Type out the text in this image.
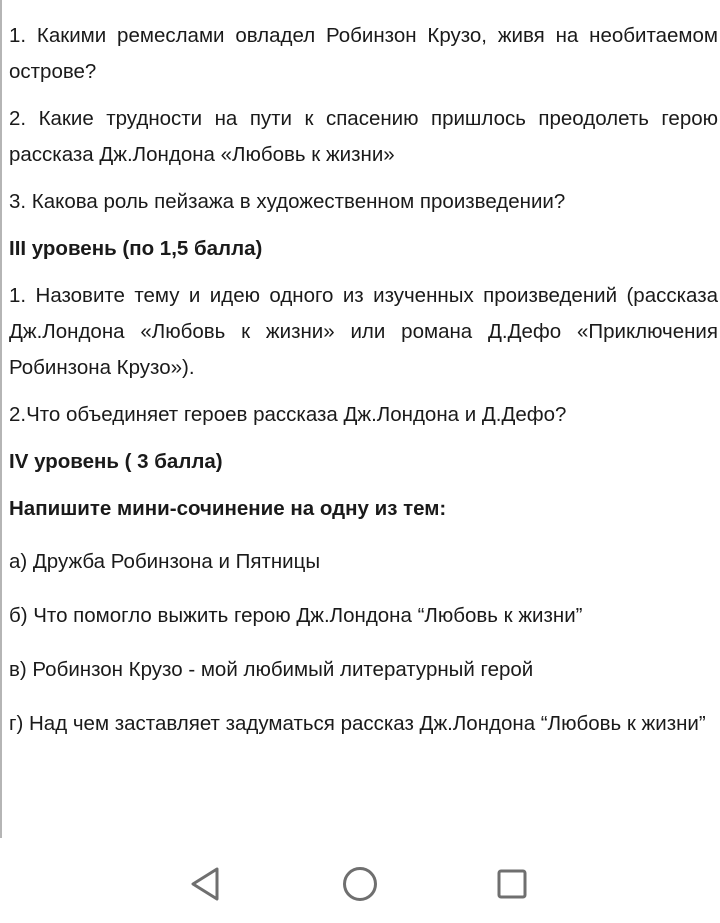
1. Какими ремеслами овладел Робинзон Крузо, живя на необитаемом острове?

2. Какие трудности на пути к спасению пришлось преодолеть герою рассказа Дж.Лондона «Любовь к жизни»

3. Какова роль пейзажа в художественном произведении?

III уровень (по 1,5 балла)

1. Назовите тему и идею одного из изученных произведений (рассказа Дж.Лондона «Любовь к жизни» или романа Д.Дефо «Приключения Робинзона Крузо»).

2.Что объединяет героев рассказа Дж.Лондона и Д.Дефо?

IV уровень ( 3 балла)

Напишите мини-сочинение на одну из тем:

а) Дружба Робинзона и Пятницы

б) Что помогло выжить герою Дж.Лондона “Любовь к жизни”

в) Робинзон Крузо - мой любимый литературный герой

г) Над чем заставляет задуматься рассказ Дж.Лондона “Любовь к жизни”
